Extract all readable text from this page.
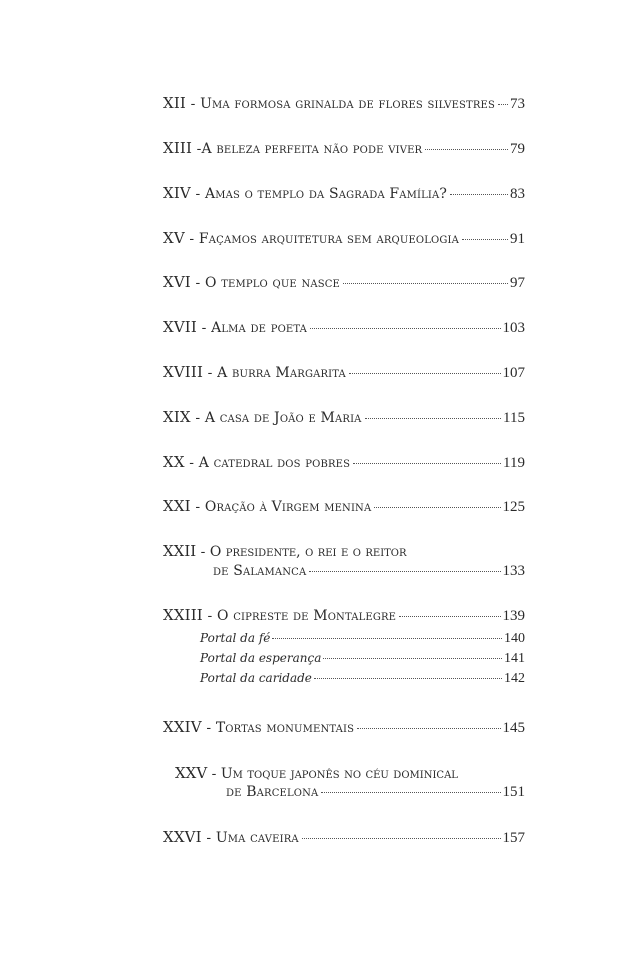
XII - Uma formosa grinalda de flores silvestres 73
XIII -A beleza perfeita não pode viver	79
XIV - Amas o templo da Sagrada Família?	83
XV - Façamos arquitetura sem arqueologia	91
XVI - O templo que nasce	97
XVII - Alma de poeta	103
XVIII - A burra Margarita	107
XIX - A casa de João e Maria	115
XX - A catedral dos pobres	119
XXI - Oração à Virgem menina	125
XXII - O presidente, o rei e o reitor
de Salamanca	133
XXIII - O cipreste de Montalegre	139
Portal da fé	140
Portal da esperança	141
Portal da caridade	142
XXIV - Tortas monumentais	145
XXV - Um toque japonês no céu dominical
de Barcelona	151
XXVI - Uma caveira	157
